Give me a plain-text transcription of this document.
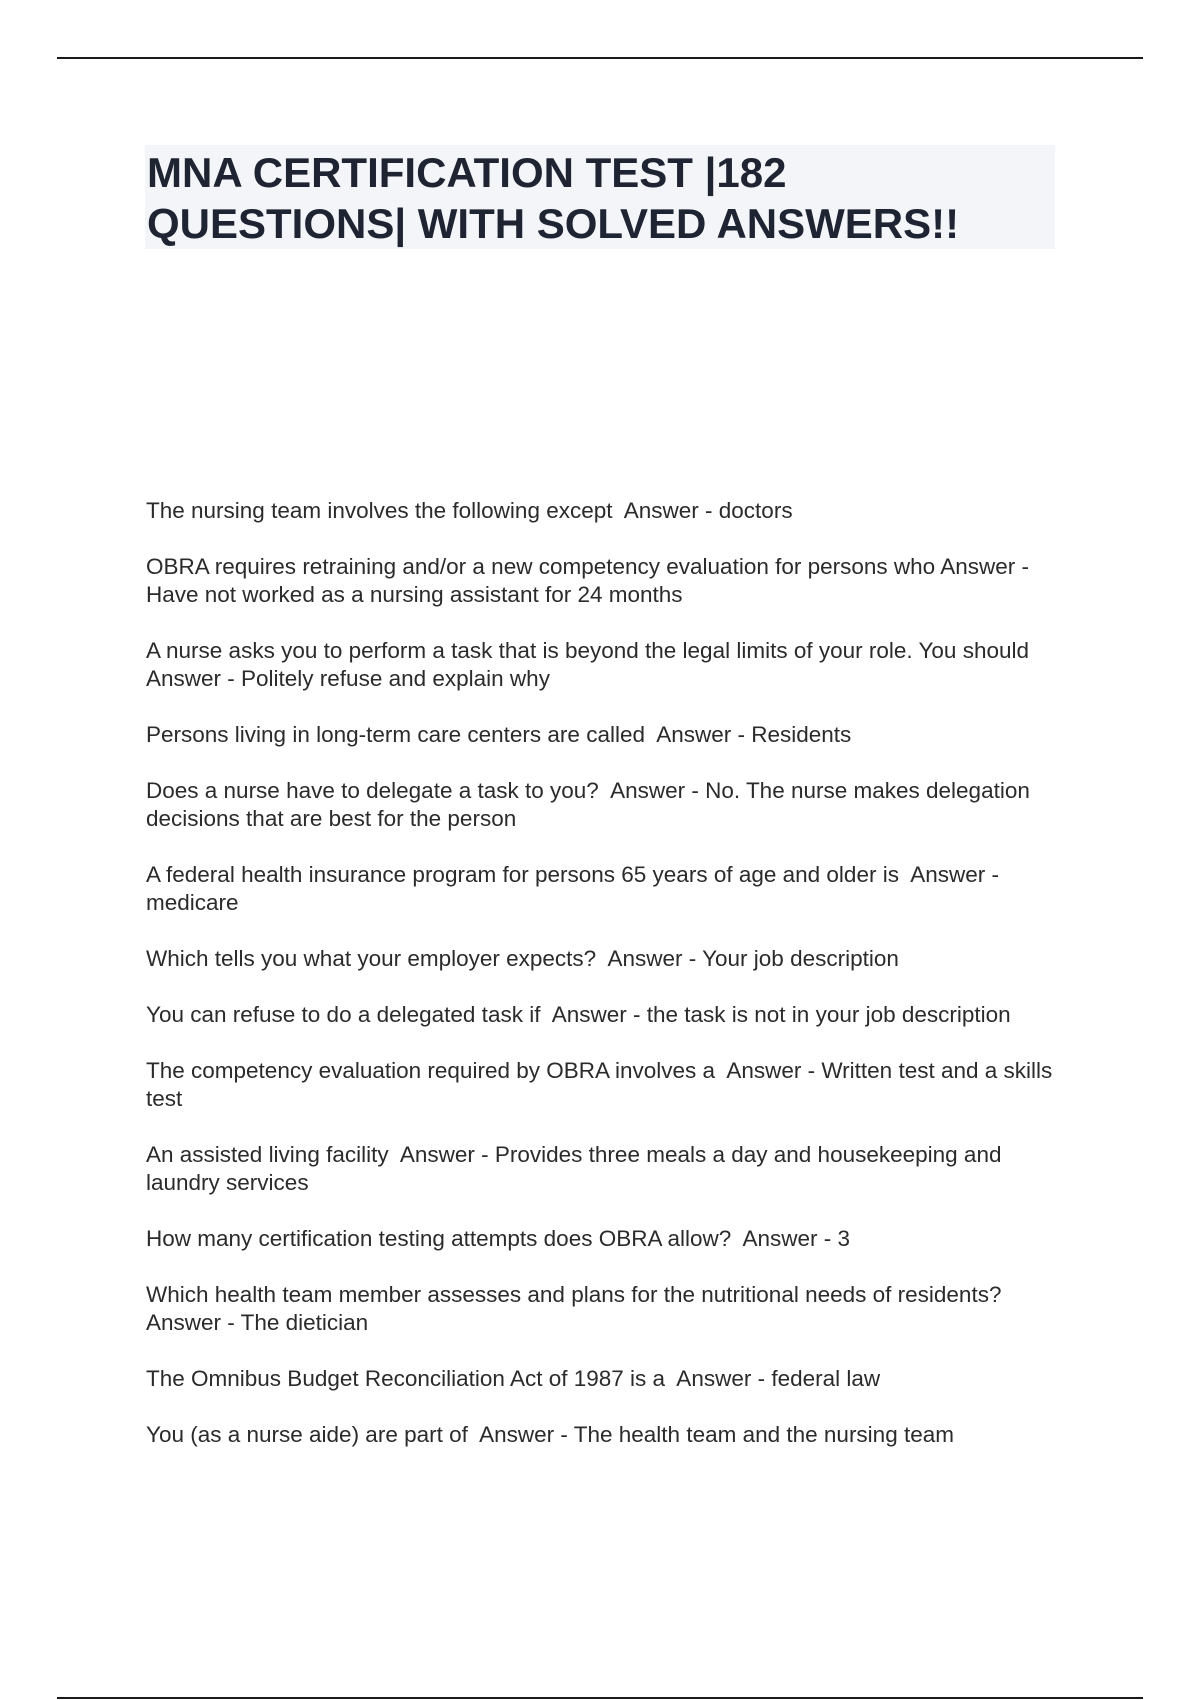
MNA CERTIFICATION TEST |182 QUESTIONS| WITH SOLVED ANSWERS!!
The nursing team involves the following except  Answer - doctors
OBRA requires retraining and/or a new competency evaluation for persons who Answer - Have not worked as a nursing assistant for 24 months
A nurse asks you to perform a task that is beyond the legal limits of your role. You should  Answer - Politely refuse and explain why
Persons living in long-term care centers are called  Answer - Residents
Does a nurse have to delegate a task to you?  Answer - No. The nurse makes delegation decisions that are best for the person
A federal health insurance program for persons 65 years of age and older is  Answer - medicare
Which tells you what your employer expects?  Answer - Your job description
You can refuse to do a delegated task if  Answer - the task is not in your job description
The competency evaluation required by OBRA involves a  Answer - Written test and a skills test
An assisted living facility  Answer - Provides three meals a day and housekeeping and laundry services
How many certification testing attempts does OBRA allow?  Answer - 3
Which health team member assesses and plans for the nutritional needs of residents?  Answer - The dietician
The Omnibus Budget Reconciliation Act of 1987 is a  Answer - federal law
You (as a nurse aide) are part of  Answer - The health team and the nursing team
